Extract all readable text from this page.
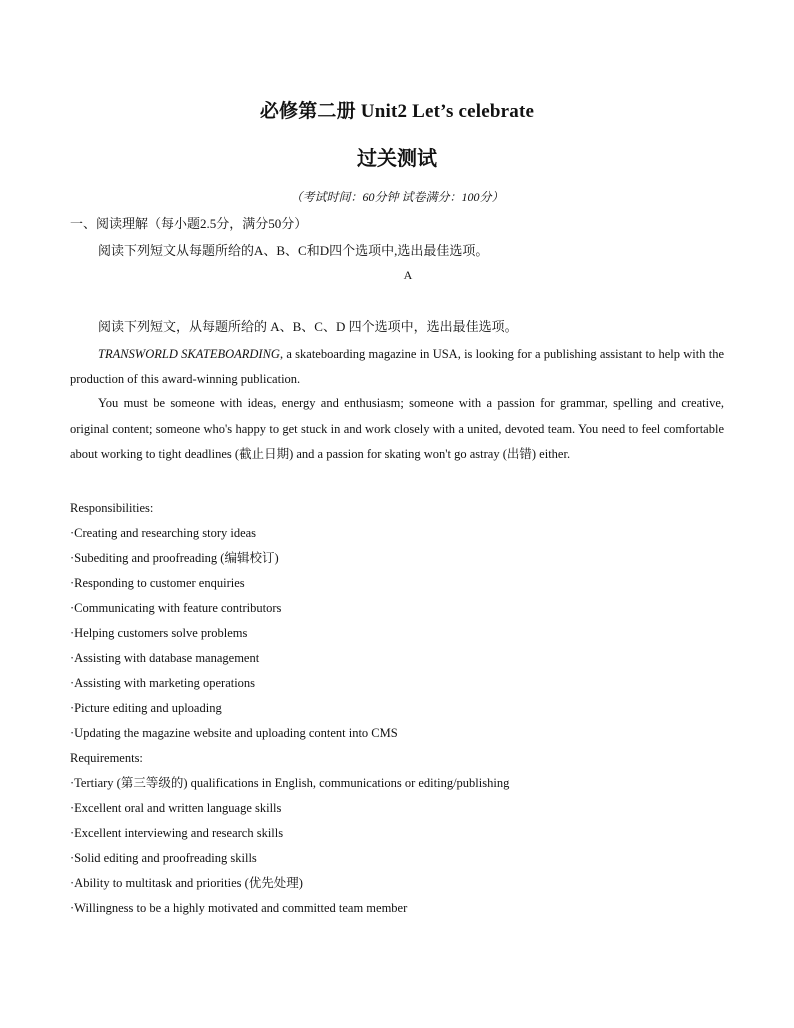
必修第二册 Unit2 Let’s celebrate
过关测试
（考试时间：60分钟 试卷满分：100分）
一、阅读理解（每小题2.5分，满分50分）
阅读下列短文从每题所给的A、B、C和D四个选项中,选出最佳选项。
A
阅读下列短文，从每题所给的 A、B、C、D 四个选项中，选出最佳选项。
TRANSWORLD SKATEBOARDING, a skateboarding magazine in USA, is looking for a publishing assistant to help with the production of this award-winning publication.
You must be someone with ideas, energy and enthusiasm; someone with a passion for grammar, spelling and creative, original content; someone who's happy to get stuck in and work closely with a united, devoted team. You need to feel comfortable about working to tight deadlines (截止日期) and a passion for skating won't go astray (出错) either.
Responsibilities:
·Creating and researching story ideas
·Subediting and proofreading (编辑校订)
·Responding to customer enquiries
·Communicating with feature contributors
·Helping customers solve problems
·Assisting with database management
·Assisting with marketing operations
·Picture editing and uploading
·Updating the magazine website and uploading content into CMS
Requirements:
·Tertiary (第三等级的) qualifications in English, communications or editing/publishing
·Excellent oral and written language skills
·Excellent interviewing and research skills
·Solid editing and proofreading skills
·Ability to multitask and priorities (优先处理)
·Willingness to be a highly motivated and committed team member
